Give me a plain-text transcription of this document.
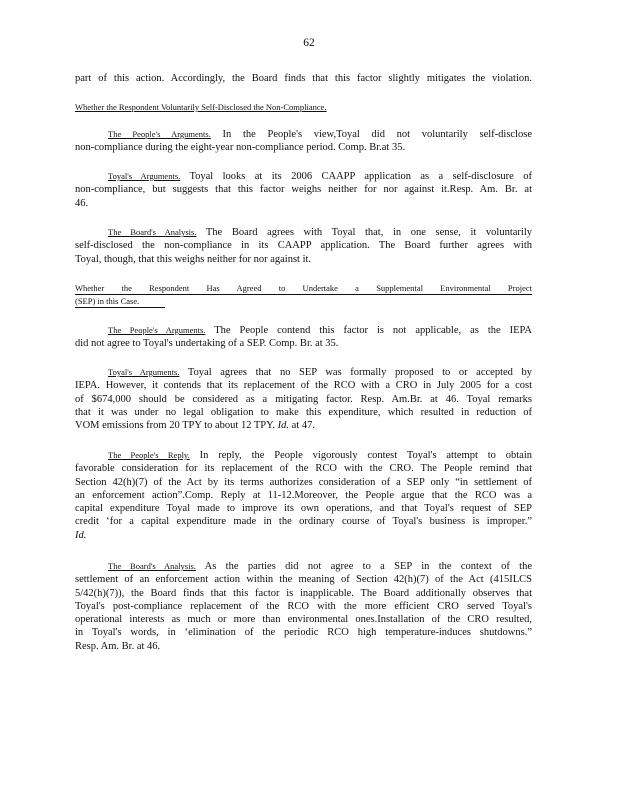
62
part of this action. Accordingly, the Board finds that this factor slightly mitigates the violation.
Whether the Respondent Voluntarily Self-Disclosed the Non-Compliance.
The People's Arguments. In the People's view,Toyal did not voluntarily self-disclose
non-compliance during the eight-year non-compliance period. Comp. Br.at 35.
Toyal's Arguments. Toyal looks at its 2006 CAAPP application as a self-disclosure of
non-compliance, but suggests that this factor weighs neither for nor against it.Resp. Am. Br. at
46.
The Board's Analysis. The Board agrees with Toyal that, in one sense, it voluntarily
self-disclosed the non-compliance in its CAAPP application. The Board further agrees with
Toyal, though, that this weighs neither for nor against it.
Whether the Respondent Has Agreed to Undertake a Supplemental Environmental Project
(SEP) in this Case.
The People's Arguments. The People contend this factor is not applicable, as the IEPA
did not agree to Toyal's undertaking of a SEP. Comp. Br. at 35.
Toyal's Arguments. Toyal agrees that no SEP was formally proposed to or accepted by
IEPA. However, it contends that its replacement of the RCO with a CRO in July 2005 for a cost
of $674,000 should be considered as a mitigating factor. Resp. Am.Br. at 46. Toyal remarks
that it was under no legal obligation to make this expenditure, which resulted in reduction of
VOM emissions from 20 TPY to about 12 TPY. Id. at 47.
The People's Reply. In reply, the People vigorously contest Toyal's attempt to obtain
favorable consideration for its replacement of the RCO with the CRO. The People remind that
Section 42(h)(7) of the Act by its terms authorizes consideration of a SEP only “in settlement of
an enforcement action”.Comp. Reply at 11-12.Moreover, the People argue that the RCO was a
capital expenditure Toyal made to improve its own operations, and that Toyal's request of SEP
credit ‘for a capital expenditure made in the ordinary course of Toyal's business is improper.”
Id.
The Board's Analysis. As the parties did not agree to a SEP in the context of the
settlement of an enforcement action within the meaning of Section 42(h)(7) of the Act (415ILCS
5/42(h)(7)), the Board finds that this factor is inapplicable. The Board additionally observes that
Toyal's post-compliance replacement of the RCO with the more efficient CRO served Toyal's
operational interests as much or more than environmental ones.Installation of the CRO resulted,
in Toyal's words, in ‘elimination of the periodic RCO high temperature-induces shutdowns.”
Resp. Am. Br. at 46.
